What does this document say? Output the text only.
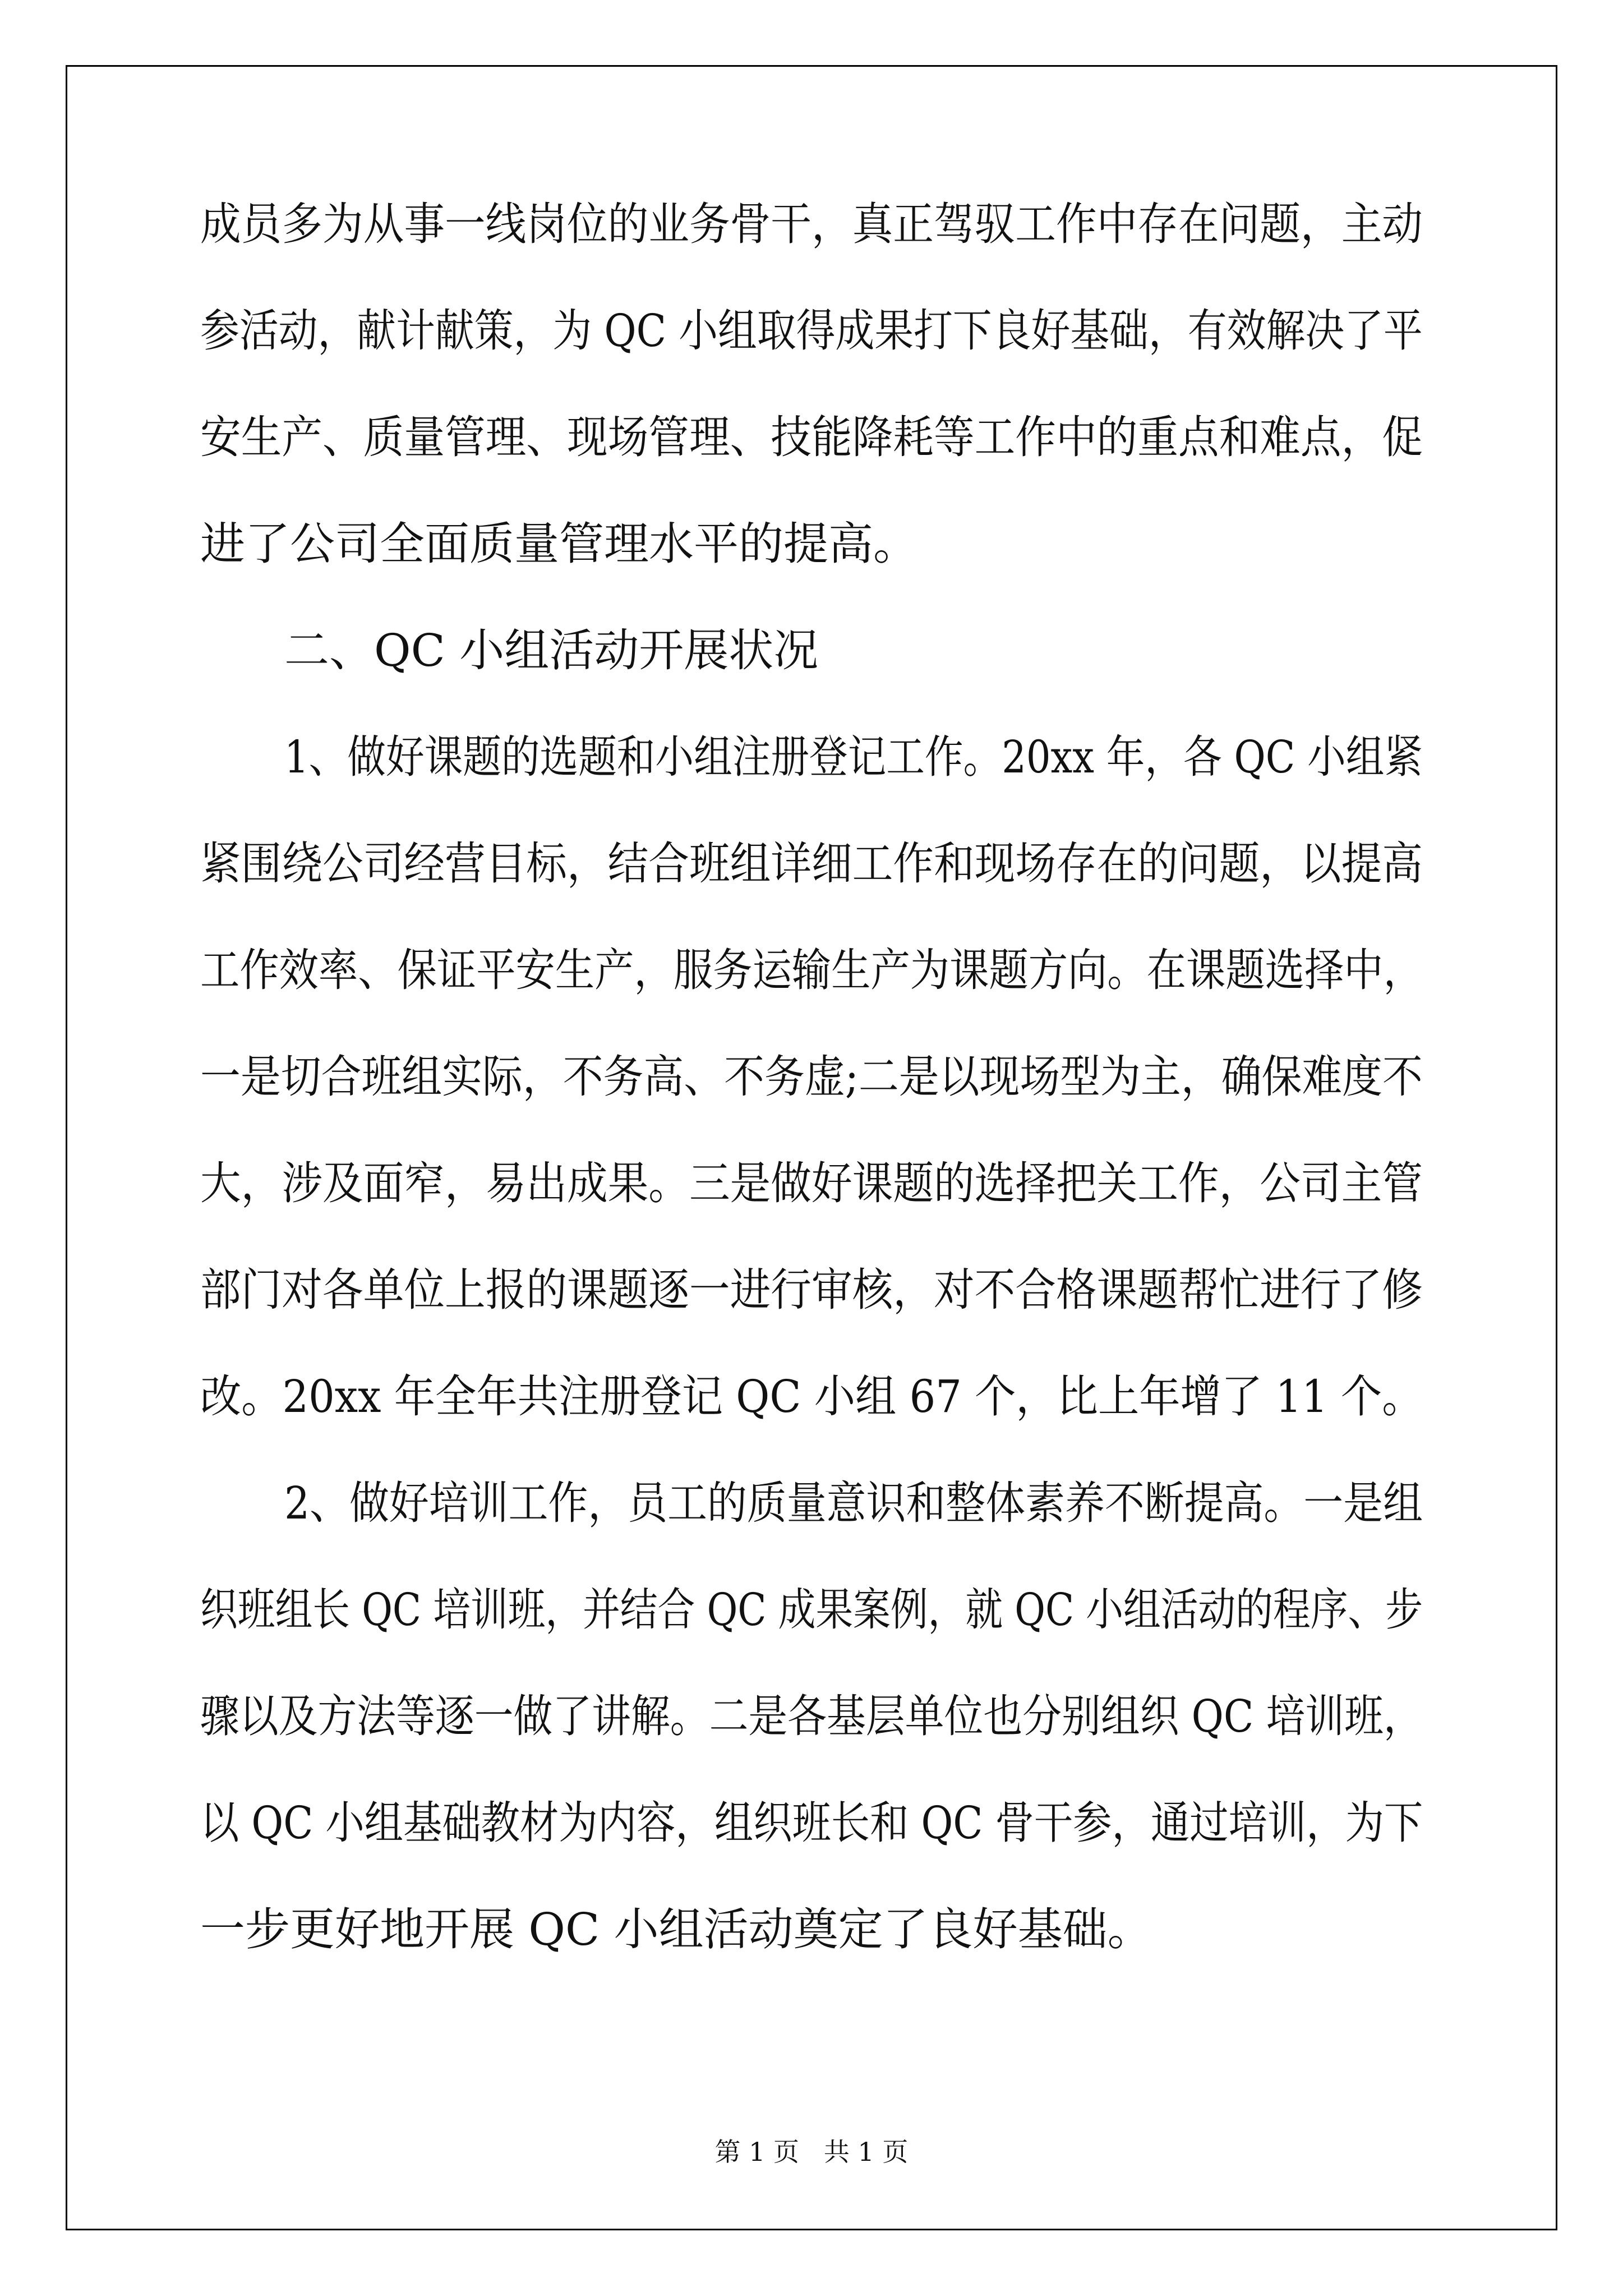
成员多为从事一线岗位的业务骨干，真正驾驭工作中存在问题，主动
参活动，献计献策，为 QC 小组取得成果打下良好基础，有效解决了平
安生产、质量管理、现场管理、技能降耗等工作中的重点和难点，促
进了公司全面质量管理水平的提高。
二、QC 小组活动开展状况
1、做好课题的选题和小组注册登记工作。20xx 年，各 QC 小组紧
紧围绕公司经营目标，结合班组详细工作和现场存在的问题，以提高
工作效率、保证平安生产，服务运输生产为课题方向。在课题选择中，
一是切合班组实际，不务高、不务虚;二是以现场型为主，确保难度不
大，涉及面窄，易出成果。三是做好课题的选择把关工作，公司主管
部门对各单位上报的课题逐一进行审核，对不合格课题帮忙进行了修
改。20xx 年全年共注册登记 QC 小组 67 个，比上年增了 11 个。
2、做好培训工作，员工的质量意识和整体素养不断提高。一是组
织班组长 QC 培训班，并结合 QC 成果案例，就 QC 小组活动的程序、步
骤以及方法等逐一做了讲解。二是各基层单位也分别组织 QC 培训班，
以 QC 小组基础教材为内容，组织班长和 QC 骨干参，通过培训，为下
一步更好地开展 QC 小组活动奠定了良好基础。
第 1 页   共 1 页
